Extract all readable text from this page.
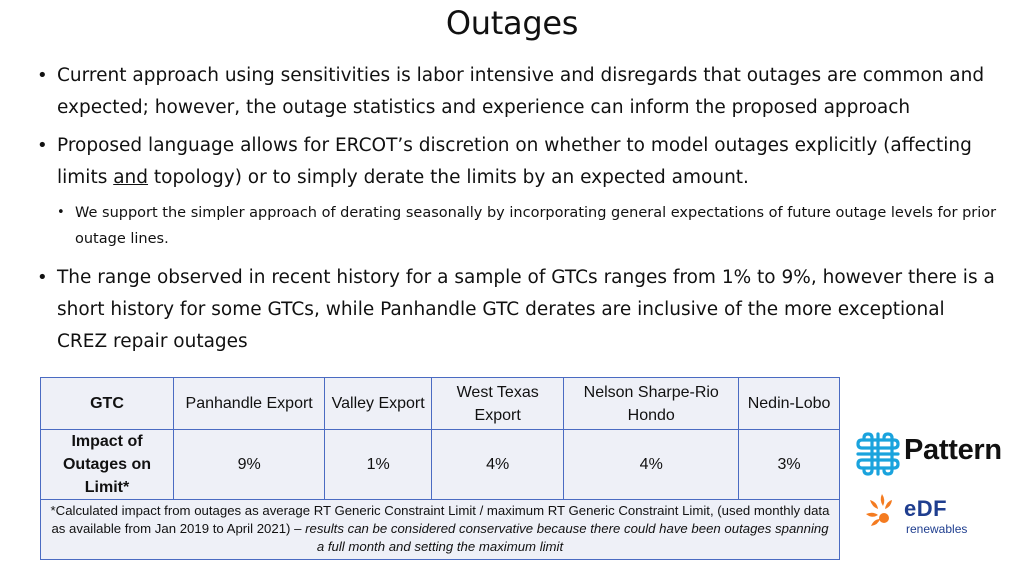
Outages
• Current approach using sensitivities is labor intensive and disregards that outages are common and expected; however, the outage statistics and experience can inform the proposed approach
• Proposed language allows for ERCOT’s discretion on whether to model outages explicitly (affecting limits and topology) or to simply derate the limits by an expected amount.
• We support the simpler approach of derating seasonally by incorporating general expectations of future outage levels for prior outage lines.
• The range observed in recent history for a sample of GTCs ranges from 1% to 9%, however there is a short history for some GTCs, while Panhandle GTC derates are inclusive of the more exceptional CREZ repair outages
GTC	Panhandle Export	Valley Export	West Texas Export	Nelson Sharpe-Rio Hondo	Nedin-Lobo
Impact of Outages on Limit*	9%	1%	4%	4%	3%
*Calculated impact from outages as average RT Generic Constraint Limit / maximum RT Generic Constraint Limit, (used monthly data as available from Jan 2019 to April 2021) – results can be considered conservative because there could have been outages spanning a full month and setting the maximum limit					
Pattern
eDF
renewables
